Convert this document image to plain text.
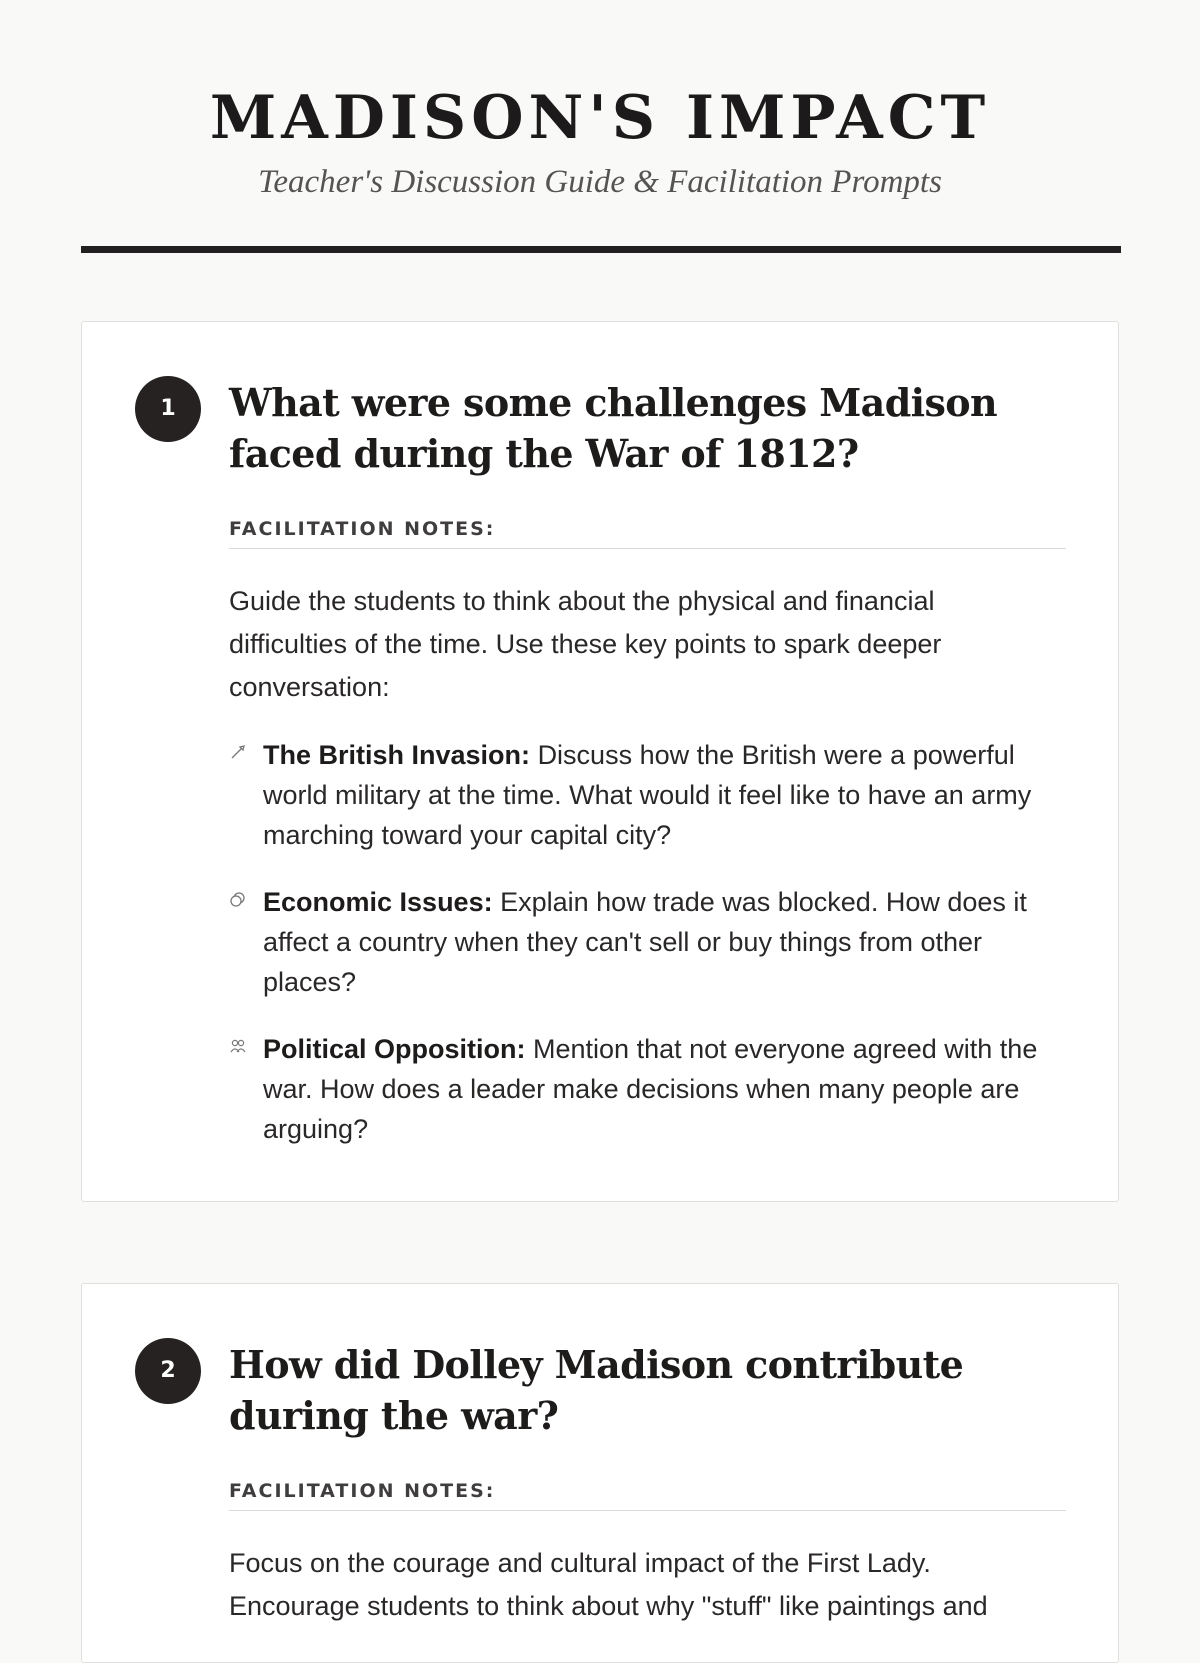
MADISON'S IMPACT
Teacher's Discussion Guide & Facilitation Prompts
1	What were some challenges Madison faced during the War of 1812?
FACILITATION NOTES:

Guide the students to think about the physical and financial difficulties of the time. Use these key points to spark deeper conversation:

The British Invasion: Discuss how the British were a powerful world military at the time. What would it feel like to have an army marching toward your capital city?
Economic Issues: Explain how trade was blocked. How does it affect a country when they can't sell or buy things from other places?
Political Opposition: Mention that not everyone agreed with the war. How does a leader make decisions when many people are arguing?
2	How did Dolley Madison contribute during the war?
FACILITATION NOTES:

Focus on the courage and cultural impact of the First Lady. Encourage students to think about why "stuff" like paintings and
